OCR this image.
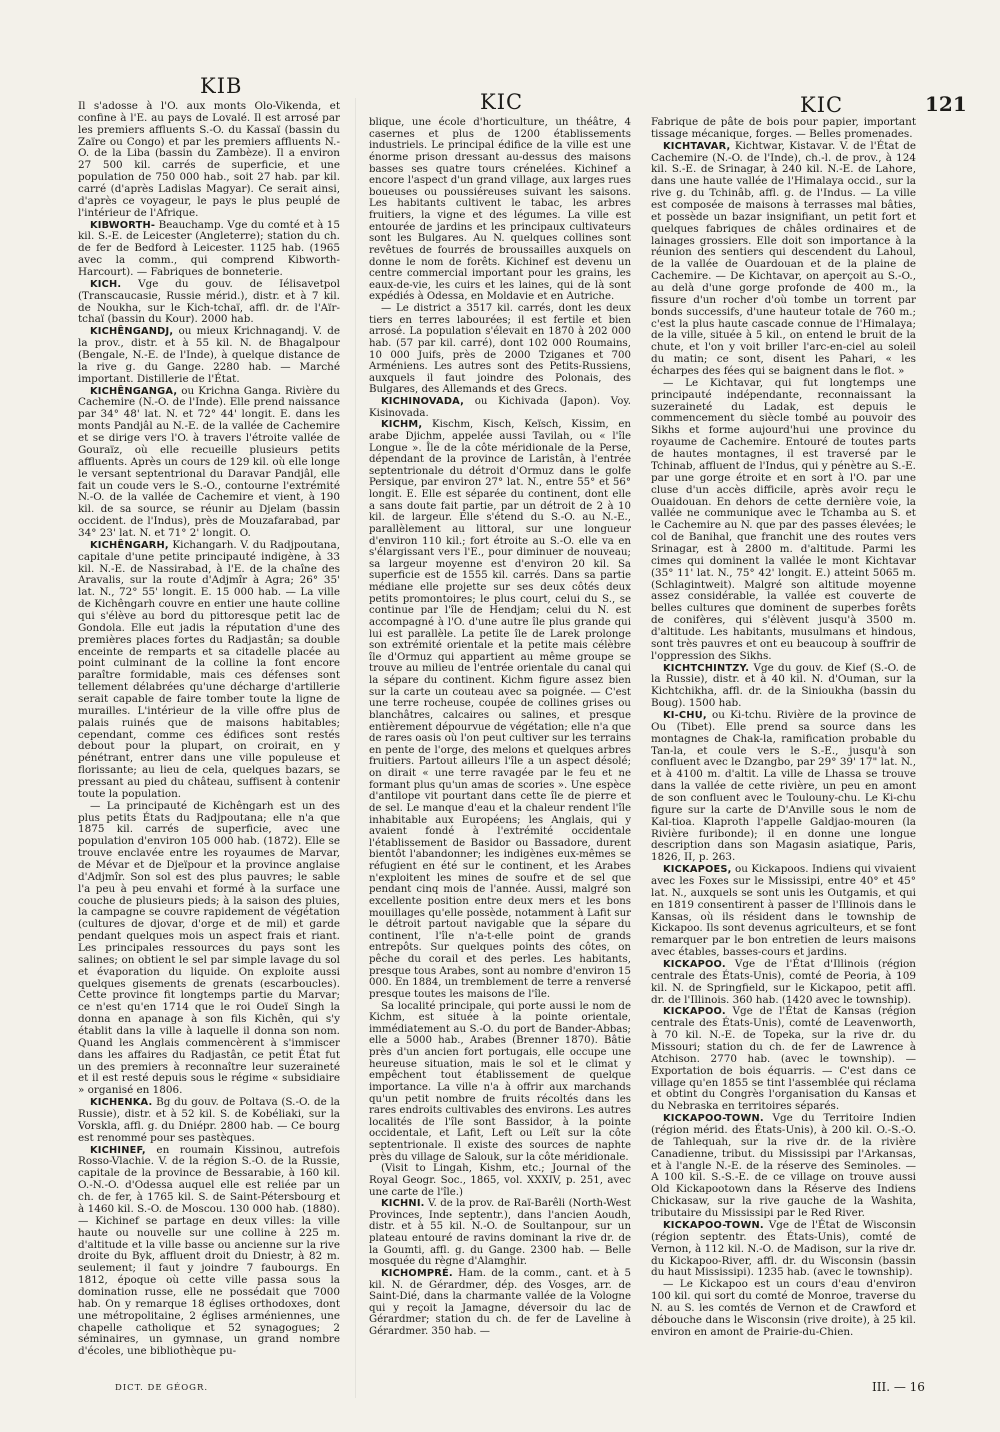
KIB
KIC	KIC	121

Il s'adosse à l'O. aux monts Olo-Vikenda, et confine à l'E. au pays de Lovalé. Il est arrosé par les premiers affluents S.-O. du Kassaï (bassin du Zaïre ou Congo) et par les premiers affluents N.-O. de la Liba (bassin du Zambèze). Il a environ 27 500 kil. carrés de superficie, et une population de 750 000 hab., soit 27 hab. par kil. carré (d'après Ladislas Magyar). Ce serait ainsi, d'après ce voyageur, le pays le plus peuplé de l'intérieur de l'Afrique.

KIBWORTH- Beauchamp. Vge du comté et à 15 kil. S.-E. de Leicester (Angleterre); station du ch. de fer de Bedford à Leicester. 1125 hab. (1965 avec la comm., qui comprend Kibworth-Harcourt). — Fabriques de bonneterie.

KICH. Vge du gouv. de Iélisavetpol (Transcaucasie, Russie mérid.), distr. et à 7 kil. de Noukha, sur le Kich-tchaï, affl. dr. de l'Aïr-tchaï (bassin du Kour). 2000 hab.

KICHÊNGANDJ, ou mieux Krichnagandj. V. de la prov., distr. et à 55 kil. N. de Bhagalpour (Bengale, N.-E. de l'Inde), à quelque distance de la rive g. du Gange. 2280 hab. — Marché important. Distillerie de l'État.

KICHÊNGANGA, ou Krichna Ganga. Rivière du Cachemire (N.-O. de l'Inde). Elle prend naissance par 34° 48' lat. N. et 72° 44' longit. E. dans les monts Pandjâl au N.-E. de la vallée de Cachemire et se dirige vers l'O. à travers l'étroite vallée de Gouraïz, où elle recueille plusieurs petits affluents. Après un cours de 129 kil. où elle longe le versant septentrional du Daravar Pandjâl, elle fait un coude vers le S.-O., contourne l'extrémité N.-O. de la vallée de Cachemire et vient, à 190 kil. de sa source, se réunir au Djelam (bassin occident. de l'Indus), près de Mouzafarabad, par 34° 23' lat. N. et 71° 2' longit. O.

KICHÊNGARH, Kichangarh. V. du Radjpoutana, capitale d'une petite principauté indigène, à 33 kil. N.-E. de Nassirabad, à l'E. de la chaîne des Aravalis, sur la route d'Adjmîr à Agra; 26° 35' lat. N., 72° 55' longit. E. 15 000 hab. — La ville de Kichêngarh couvre en entier une haute colline qui s'élève au bord du pittoresque petit lac de Gondola. Elle eut jadis la réputation d'une des premières places fortes du Radjastân; sa double enceinte de remparts et sa citadelle placée au point culminant de la colline la font encore paraître formidable, mais ces défenses sont tellement délabrées qu'une décharge d'artillerie serait capable de faire tomber toute la ligne de murailles. L'intérieur de la ville offre plus de palais ruinés que de maisons habitables; cependant, comme ces édifices sont restés debout pour la plupart, on croirait, en y pénétrant, entrer dans une ville populeuse et florissante; au lieu de cela, quelques bazars, se pressant au pied du château, suffisent à contenir toute la population.

— La principauté de Kichêngarh est un des plus petits États du Radjpoutana; elle n'a que 1875 kil. carrés de superficie, avec une population d'environ 105 000 hab. (1872). Elle se trouve enclavée entre les royaumes de Marvar, de Mévar et de Djeïpour et la province anglaise d'Adjmîr. Son sol est des plus pauvres; le sable l'a peu à peu envahi et formé à la surface une couche de plusieurs pieds; à la saison des pluies, la campagne se couvre rapidement de végétation (cultures de djovar, d'orge et de mil) et garde pendant quelques mois un aspect frais et riant. Les principales ressources du pays sont les salines; on obtient le sel par simple lavage du sol et évaporation du liquide. On exploite aussi quelques gisements de grenats (escarboucles). Cette province fit longtemps partie du Marvar; ce n'est qu'en 1714 que le roi Oudeï Singh la donna en apanage à son fils Kichên, qui s'y établit dans la ville à laquelle il donna son nom. Quand les Anglais commencèrent à s'immiscer dans les affaires du Radjastân, ce petit État fut un des premiers à reconnaître leur suzeraineté et il est resté depuis sous le régime « subsidiaire » organisé en 1806.

KICHENKA. Bg du gouv. de Poltava (S.-O. de la Russie), distr. et à 52 kil. S. de Kobéliaki, sur la Vorskla, affl. g. du Dniépr. 2800 hab. — Ce bourg est renommé pour ses pastèques.

KICHINEF, en roumain Kissinou, autrefois Rosso-Vlachie. V. de la région S.-O. de la Russie, capitale de la province de Bessarabie, à 160 kil. O.-N.-O. d'Odessa auquel elle est reliée par un ch. de fer, à 1765 kil. S. de Saint-Pétersbourg et à 1460 kil. S.-O. de Moscou. 130 000 hab. (1880). — Kichinef se partage en deux villes: la ville haute ou nouvelle sur une colline à 225 m. d'altitude et la ville basse ou ancienne sur la rive droite du Byk, affluent droit du Dniestr, à 82 m. seulement; il faut y joindre 7 faubourgs. En 1812, époque où cette ville passa sous la domination russe, elle ne possédait que 7000 hab. On y remarque 18 églises orthodoxes, dont une métropolitaine, 2 églises arméniennes, une chapelle catholique et 52 synagogues; 2 séminaires, un gymnase, un grand nombre d'écoles, une bibliothèque pu-

blique, une école d'horticulture, un théâtre, 4 casernes et plus de 1200 établissements industriels. Le principal édifice de la ville est une énorme prison dressant au-dessus des maisons basses ses quatre tours crénelées. Kichinef a encore l'aspect d'un grand village, aux larges rues boueuses ou poussiéreuses suivant les saisons. Les habitants cultivent le tabac, les arbres fruitiers, la vigne et des légumes. La ville est entourée de jardins et les principaux cultivateurs sont les Bulgares. Au N. quelques collines sont revêtues de fourrés de broussailles auxquels on donne le nom de forêts. Kichinef est devenu un centre commercial important pour les grains, les eaux-de-vie, les cuirs et les laines, qui de là sont expédiés à Odessa, en Moldavie et en Autriche.

— Le district a 3517 kil. carrés, dont les deux tiers en terres labourées; il est fertile et bien arrosé. La population s'élevait en 1870 à 202 000 hab. (57 par kil. carré), dont 102 000 Roumains, 10 000 Juifs, près de 2000 Tziganes et 700 Arméniens. Les autres sont des Petits-Russiens, auxquels il faut joindre des Polonais, des Bulgares, des Allemands et des Grecs.

KICHINOVADA, ou Kichivada (Japon). Voy. Kisinovada.

KICHM, Kisсhm, Kisch, Keïsch, Kissim, en arabe Djichm, appelée aussi Tavilah, ou « l'île Longue ». Île de la côte méridionale de la Perse, dépendant de la province de Laristân, à l'entrée septentrionale du détroit d'Ormuz dans le golfe Persique, par environ 27° lat. N., entre 55° et 56° longit. E. Elle est séparée du continent, dont elle a sans doute fait partie, par un détroit de 2 à 10 kil. de largeur. Elle s'étend du S.-O. au N.-E., parallèlement au littoral, sur une longueur d'environ 110 kil.; fort étroite au S.-O. elle va en s'élargissant vers l'E., pour diminuer de nouveau; sa largeur moyenne est d'environ 20 kil. Sa superficie est de 1555 kil. carrés. Dans sa partie médiane elle projette sur ses deux côtés deux petits promontoires; le plus court, celui du S., se continue par l'île de Hendjam; celui du N. est accompagné à l'O. d'une autre île plus grande qui lui est parallèle. La petite île de Larek prolonge son extrémité orientale et la petite mais célèbre île d'Ormuz qui appartient au même groupe se trouve au milieu de l'entrée orientale du canal qui la sépare du continent. Kichm figure assez bien sur la carte un couteau avec sa poignée. — C'est une terre rocheuse, coupée de collines grises ou blanchâtres, calcaires ou salines, et presque entièrement dépourvue de végétation; elle n'a que de rares oasis où l'on peut cultiver sur les terrains en pente de l'orge, des melons et quelques arbres fruitiers. Partout ailleurs l'île a un aspect désolé; on dirait « une terre ravagée par le feu et ne formant plus qu'un amas de scories ». Une espèce d'antilope vit pourtant dans cette île de pierre et de sel. Le manque d'eau et la chaleur rendent l'île inhabitable aux Européens; les Anglais, qui y avaient fondé à l'extrémité occidentale l'établissement de Basidor ou Bassadore, durent bientôt l'abandonner; les indigènes eux-mêmes se réfugient en été sur le continent, et les Arabes n'exploitent les mines de soufre et de sel que pendant cinq mois de l'année. Aussi, malgré son excellente position entre deux mers et les bons mouillages qu'elle possède, notamment à Lafit sur le détroit partout navigable que la sépare du continent, l'île n'a-t-elle point de grands entrepôts. Sur quelques points des côtes, on pêche du corail et des perles. Les habitants, presque tous Arabes, sont au nombre d'environ 15 000. En 1884, un tremblement de terre a renversé presque toutes les maisons de l'île.

Sa localité principale, qui porte aussi le nom de Kichm, est située à la pointe orientale, immédiatement au S.-O. du port de Bander-Abbas; elle a 5000 hab., Arabes (Brenner 1870). Bâtie près d'un ancien fort portugais, elle occupe une heureuse situation, mais le sol et le climat y empêchent tout établissement de quelque importance. La ville n'a à offrir aux marchands qu'un petit nombre de fruits récoltés dans les rares endroits cultivables des environs. Les autres localités de l'île sont Bassidor, à la pointe occidentale, et Lafit, Left ou Leït sur la côte septentrionale. Il existe des sources de naphte près du village de Salouk, sur la côte méridionale.

(Visit to Lingah, Kishm, etc.; Journal of the Royal Geogr. Soc., 1865, vol. XXXIV, p. 251, avec une carte de l'île.)

KICHNI. V. de la prov. de Raï-Barêli (North-West Provinces, Inde septentr.), dans l'ancien Aoudh, distr. et à 55 kil. N.-O. de Soultanpour, sur un plateau entouré de ravins dominant la rive dr. de la Goumti, affl. g. du Gange. 2300 hab. — Belle mosquée du règne d'Alamghir.

KICHOMPRÉ. Ham. de la comm., cant. et à 5 kil. N. de Gérardmer, dép. des Vosges, arr. de Saint-Dié, dans la charmante vallée de la Vologne qui y reçoit la Jamagne, déversoir du lac de Gérardmer; station du ch. de fer de Laveline à Gérardmer. 350 hab. —

Fabrique de pâte de bois pour papier, important tissage mécanique, forges. — Belles promenades.

KICHTAVAR, Kichtwar, Kistavar. V. de l'État de Cachemire (N.-O. de l'Inde), ch.-l. de prov., à 124 kil. S.-E. de Srinagar, à 240 kil. N.-E. de Lahore, dans une haute vallée de l'Himalaya occid., sur la rive g. du Tchinâb, affl. g. de l'Indus. — La ville est composée de maisons à terrasses mal bâties, et possède un bazar insignifiant, un petit fort et quelques fabriques de châles ordinaires et de lainages grossiers. Elle doit son importance à la réunion des sentiers qui descendent du Lahoul, de la vallée de Ouardouan et de la plaine de Cachemire. — De Kichtavar, on aperçoit au S.-O., au delà d'une gorge profonde de 400 m., la fissure d'un rocher d'où tombe un torrent par bonds successifs, d'une hauteur totale de 760 m.; c'est la plus haute cascade connue de l'Himalaya; de la ville, située à 5 kil., on entend le bruit de la chute, et l'on y voit briller l'arc-en-ciel au soleil du matin; ce sont, disent les Pahari, « les écharpes des fées qui se baignent dans le flot. »

— Le Kichtavar, qui fut longtemps une principauté indépendante, reconnaissant la suzeraineté du Ladak, est depuis le commencement du siècle tombé au pouvoir des Sikhs et forme aujourd'hui une province du royaume de Cachemire. Entouré de toutes parts de hautes montagnes, il est traversé par le Tchinab, affluent de l'Indus, qui y pénètre au S.-E. par une gorge étroite et en sort à l'O. par une cluse d'un accès difficile, après avoir reçu le Ouaidouan. En dehors de cette dernière voie, la vallée ne communique avec le Tchamba au S. et le Cachemire au N. que par des passes élevées; le col de Banihal, que franchit une des routes vers Srinagar, est à 2800 m. d'altitude. Parmi les cimes qui dominent la vallée le mont Kichtavar (35° 11' lat. N., 75° 42' longit. E.) atteint 5065 m. (Schlagintweit). Malgré son altitude moyenne assez considérable, la vallée est couverte de belles cultures que dominent de superbes forêts de conifères, qui s'élèvent jusqu'à 3500 m. d'altitude. Les habitants, musulmans et hindous, sont très pauvres et ont eu beaucoup à souffrir de l'oppression des Sikhs.

KICHTCHINTZY. Vge du gouv. de Kief (S.-O. de la Russie), distr. et à 40 kil. N. d'Ouman, sur la Kichtchikha, affl. dr. de la Sinioukha (bassin du Boug). 1500 hab.

KI-CHU, ou Ki-tchu. Rivière de la province de Ou (Tibet). Elle prend sa source dans les montagnes de Chak-la, ramification probable du Tan-la, et coule vers le S.-E., jusqu'à son confluent avec le Dzangbo, par 29° 39' 17" lat. N., et à 4100 m. d'altit. La ville de Lhassa se trouve dans la vallée de cette rivière, un peu en amont de son confluent avec le Toulouny-chu. Le Ki-chu figure sur la carte de D'Anville sous le nom de Kal-tioa. Klaproth l'appelle Galdjao-mouren (la Rivière furibonde); il en donne une longue description dans son Magasin asiatique, Paris, 1826, II, p. 263.

KICKAPOES, ou Kickapoos. Indiens qui vivaient avec les Foxes sur le Mississipi, entre 40° et 45° lat. N., auxquels se sont unis les Outgamis, et qui en 1819 consentirent à passer de l'Illinois dans le Kansas, où ils résident dans le township de Kickapoo. Ils sont devenus agriculteurs, et se font remarquer par le bon entretien de leurs maisons avec étables, basses-cours et jardins.

KICKAPOO. Vge de l'État d'Illinois (région centrale des États-Unis), comté de Peoria, à 109 kil. N. de Springfield, sur le Kickapoo, petit affl. dr. de l'Illinois. 360 hab. (1420 avec le township).

KICKAPOO. Vge de l'État de Kansas (région centrale des États-Unis), comté de Leavenworth, à 70 kil. N.-E. de Topeka, sur la rive dr. du Missouri; station du ch. de fer de Lawrence à Atchison. 2770 hab. (avec le township). — Exportation de bois équarris. — C'est dans ce village qu'en 1855 se tint l'assemblée qui réclama et obtint du Congrès l'organisation du Kansas et du Nebraska en territoires séparés.

KICKAPOO-TOWN. Vge du Territoire Indien (région mérid. des États-Unis), à 200 kil. O.-S.-O. de Tahlequah, sur la rive dr. de la rivière Canadienne, tribut. du Mississipi par l'Arkansas, et à l'angle N.-E. de la réserve des Seminoles. — A 100 kil. S.-S.-E. de ce village on trouve aussi Old Kickapootown dans la Réserve des Indiens Chickasaw, sur la rive gauche de la Washita, tributaire du Mississipi par le Red River.

KICKAPOO-TOWN. Vge de l'État de Wisconsin (région septentr. des États-Unis), comté de Vernon, à 112 kil. N.-O. de Madison, sur la rive dr. du Kickapoo-River, affl. dr. du Wisconsin (bassin du haut Mississipi). 1235 hab. (avec le township).

— Le Kickapoo est un cours d'eau d'environ 100 kil. qui sort du comté de Monroe, traverse du N. au S. les comtés de Vernon et de Crawford et débouche dans le Wisconsin (rive droite), à 25 kil. environ en amont de Prairie-du-Chien.

DICT. DE GÉOGR.	III. — 16
